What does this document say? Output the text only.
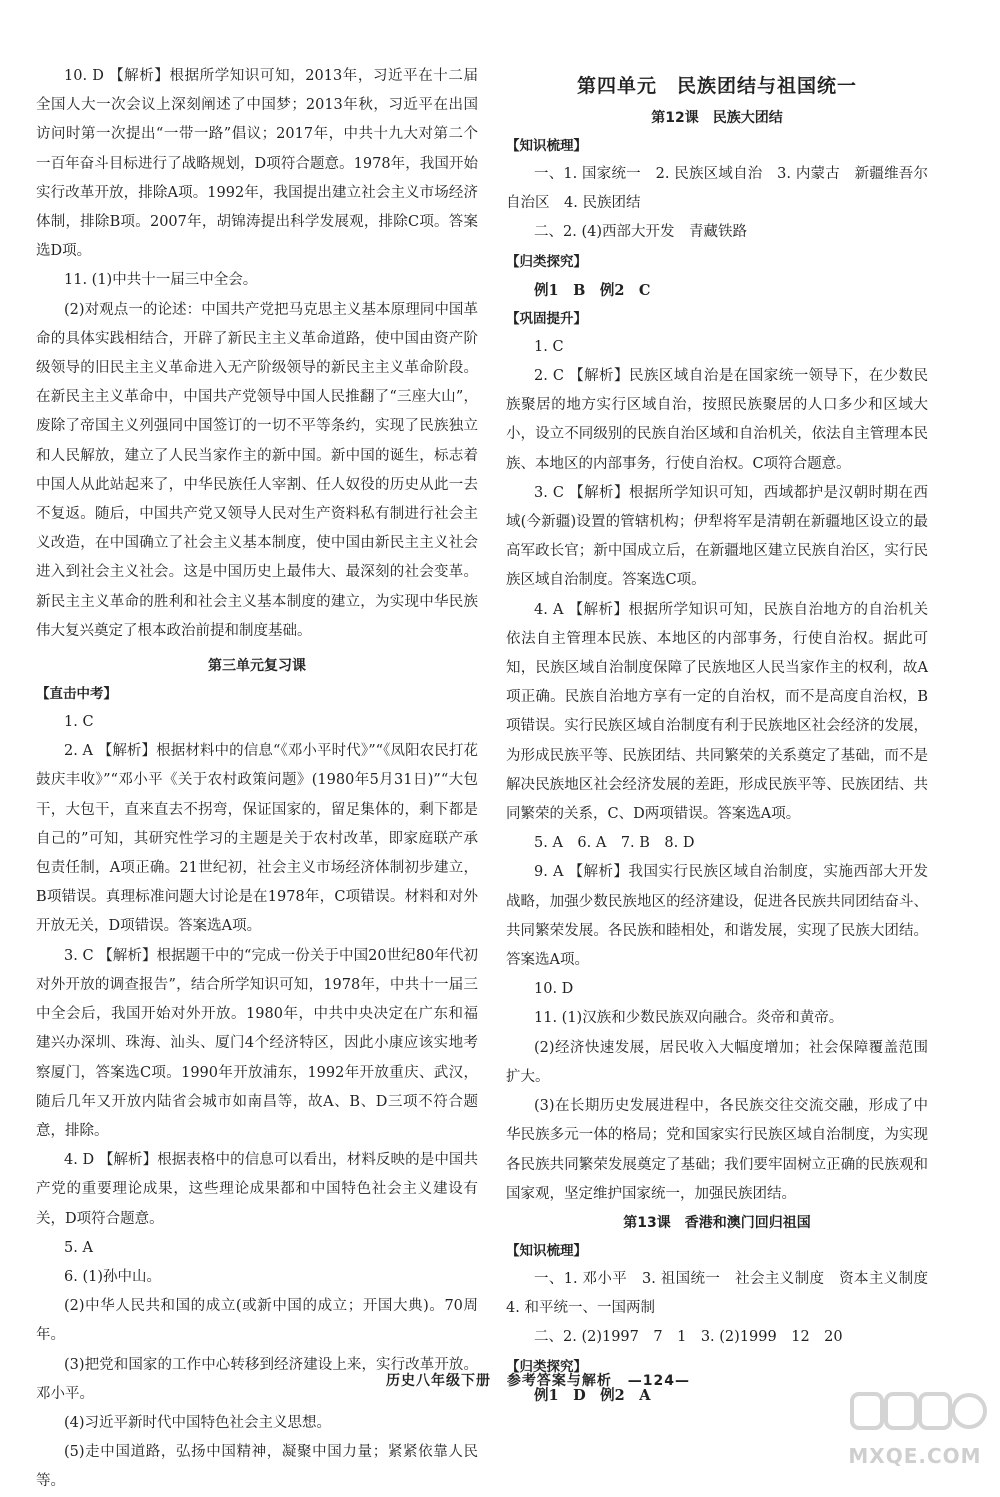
10. D 【解析】根据所学知识可知，2013年，习近平在十二届全国人大一次会议上深刻阐述了中国梦；2013年秋，习近平在出国访问时第一次提出“一带一路”倡议；2017年，中共十九大对第二个一百年奋斗目标进行了战略规划，D项符合题意。1978年，我国开始实行改革开放，排除A项。1992年，我国提出建立社会主义市场经济体制，排除B项。2007年，胡锦涛提出科学发展观，排除C项。答案选D项。

11. (1)中共十一届三中全会。

(2)对观点一的论述：中国共产党把马克思主义基本原理同中国革命的具体实践相结合，开辟了新民主主义革命道路，使中国由资产阶级领导的旧民主主义革命进入无产阶级领导的新民主主义革命阶段。在新民主主义革命中，中国共产党领导中国人民推翻了“三座大山”，废除了帝国主义列强同中国签订的一切不平等条约，实现了民族独立和人民解放，建立了人民当家作主的新中国。新中国的诞生，标志着中国人从此站起来了，中华民族任人宰割、任人奴役的历史从此一去不复返。随后，中国共产党又领导人民对生产资料私有制进行社会主义改造，在中国确立了社会主义基本制度，使中国由新民主主义社会进入到社会主义社会。这是中国历史上最伟大、最深刻的社会变革。新民主主义革命的胜利和社会主义基本制度的建立，为实现中华民族伟大复兴奠定了根本政治前提和制度基础。

第三单元复习课
【直击中考】

1. C

2. A 【解析】根据材料中的信息“《邓小平时代》”“《凤阳农民打花鼓庆丰收》”“邓小平《关于农村政策问题》(1980年5月31日)”“大包干，大包干，直来直去不拐弯，保证国家的，留足集体的，剩下都是自己的”可知，其研究性学习的主题是关于农村改革，即家庭联产承包责任制，A项正确。21世纪初，社会主义市场经济体制初步建立，B项错误。真理标准问题大讨论是在1978年，C项错误。材料和对外开放无关，D项错误。答案选A项。

3. C 【解析】根据题干中的“完成一份关于中国20世纪80年代初对外开放的调查报告”，结合所学知识可知，1978年，中共十一届三中全会后，我国开始对外开放。1980年，中共中央决定在广东和福建兴办深圳、珠海、汕头、厦门4个经济特区，因此小康应该实地考察厦门，答案选C项。1990年开放浦东，1992年开放重庆、武汉，随后几年又开放内陆省会城市如南昌等，故A、B、D三项不符合题意，排除。

4. D 【解析】根据表格中的信息可以看出，材料反映的是中国共产党的重要理论成果，这些理论成果都和中国特色社会主义建设有关，D项符合题意。

5. A

6. (1)孙中山。

(2)中华人民共和国的成立(或新中国的成立；开国大典)。70周年。

(3)把党和国家的工作中心转移到经济建设上来，实行改革开放。邓小平。

(4)习近平新时代中国特色社会主义思想。

(5)走中国道路，弘扬中国精神，凝聚中国力量；紧紧依靠人民等。

第四单元　民族团结与祖国统一
第12课　民族大团结
【知识梳理】

一、1. 国家统一　2. 民族区域自治　3. 内蒙古　新疆维吾尔自治区　4. 民族团结

二、2. (4)西部大开发　青藏铁路

【归类探究】

例1　B　例2　C

【巩固提升】

1. C

2. C 【解析】民族区域自治是在国家统一领导下，在少数民族聚居的地方实行区域自治，按照民族聚居的人口多少和区域大小，设立不同级别的民族自治区域和自治机关，依法自主管理本民族、本地区的内部事务，行使自治权。C项符合题意。

3. C 【解析】根据所学知识可知，西域都护是汉朝时期在西域(今新疆)设置的管辖机构；伊犁将军是清朝在新疆地区设立的最高军政长官；新中国成立后，在新疆地区建立民族自治区，实行民族区域自治制度。答案选C项。

4. A 【解析】根据所学知识可知，民族自治地方的自治机关依法自主管理本民族、本地区的内部事务，行使自治权。据此可知，民族区域自治制度保障了民族地区人民当家作主的权利，故A项正确。民族自治地方享有一定的自治权，而不是高度自治权，B项错误。实行民族区域自治制度有利于民族地区社会经济的发展，为形成民族平等、民族团结、共同繁荣的关系奠定了基础，而不是解决民族地区社会经济发展的差距，形成民族平等、民族团结、共同繁荣的关系，C、D两项错误。答案选A项。

5. A　6. A　7. B　8. D

9. A 【解析】我国实行民族区域自治制度，实施西部大开发战略，加强少数民族地区的经济建设，促进各民族共同团结奋斗、共同繁荣发展。各民族和睦相处，和谐发展，实现了民族大团结。答案选A项。

10. D

11. (1)汉族和少数民族双向融合。炎帝和黄帝。

(2)经济快速发展，居民收入大幅度增加；社会保障覆盖范围扩大。

(3)在长期历史发展进程中，各民族交往交流交融，形成了中华民族多元一体的格局；党和国家实行民族区域自治制度，为实现各民族共同繁荣发展奠定了基础；我们要牢固树立正确的民族观和国家观，坚定维护国家统一，加强民族团结。

第13课　香港和澳门回归祖国
【知识梳理】

一、1. 邓小平　3. 祖国统一　社会主义制度　资本主义制度　4. 和平统一、一国两制

二、2. (2)1997　7　1　3. (2)1999　12　20

【归类探究】

例1　D　例2　A

历史八年级下册 参考答案与解析 —124—
MXQE.COM
